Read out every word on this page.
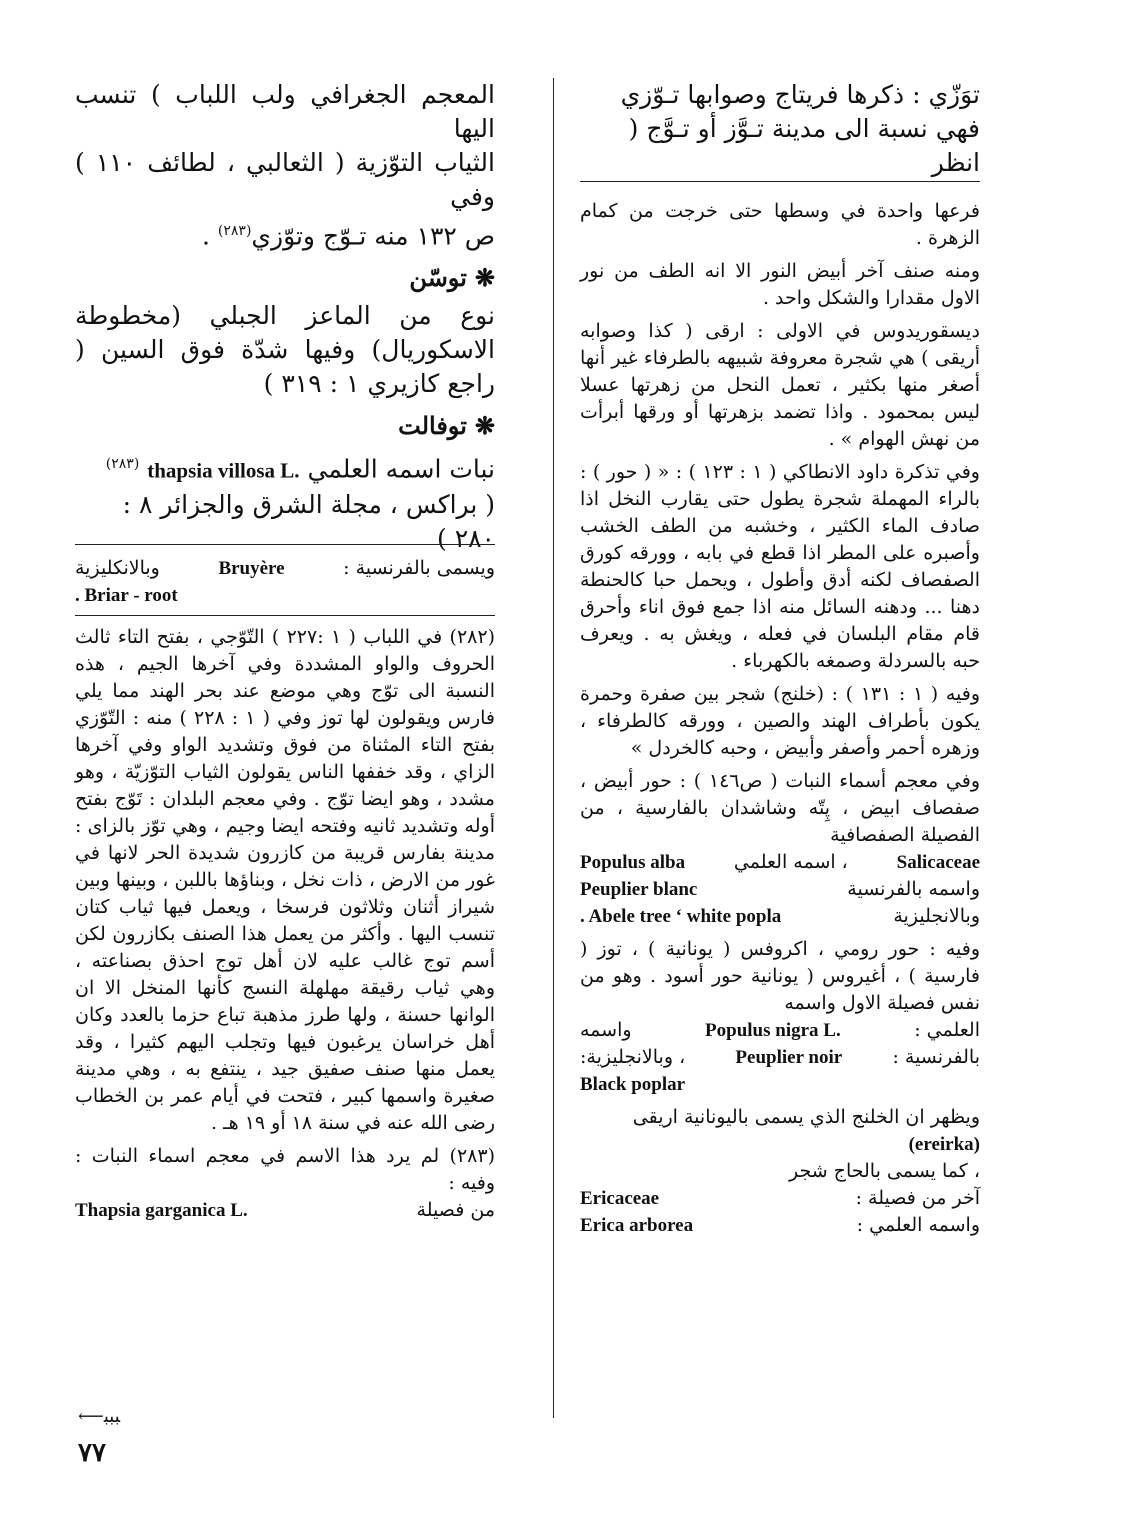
توَزّي : ذكرها فريتاج وصوابها تـوّزي

فهي نسبة الى مدينة تـوَّز أو تـوَّج ( انظر

فرعها واحدة في وسطها حتى خرجت من كمام الزهرة .

ومنه صنف آخر أبيض النور الا انه الطف من نور الاول مقدارا والشكل واحد .

ديسقوريدوس في الاولى : ارقى ( كذا وصوابه أريقى ) هي شجرة معروفة شبيهه بالطرفاء غير أنها أصغر منها بكثير ، تعمل النحل من زهرتها عسلا ليس بمحمود . واذا تضمد بزهرتها أو ورقها أبرأت من نهش الهوام » .

وفي تذكرة داود الانطاكي ( ١ : ١٢٣ ) : « ( حور ) : بالراء المهملة شجرة يطول حتى يقارب النخل اذا صادف الماء الكثير ، وخشبه من الطف الخشب وأصبره على المطر اذا قطع في بابه ، وورقه كورق الصفصاف لكنه أدق وأطول ، ويحمل حبا كالحنطة دهنا ... ودهنه السائل منه اذا جمع فوق اناء وأحرق قام مقام البلسان في فعله ، ويغش به . ويعرف حبه بالسردلة وصمغه بالكهرباء .

وفيه ( ١ : ١٣١ ) : (خلنج) شجر بين صفرة وحمرة يكون بأطراف الهند والصين ، وورقه كالطرفاء ، وزهره أحمر وأصفر وأبيض ، وحبه كالخردل »

وفي معجم أسماء النبات ( ص١٤٦ ) : حور أبيض ، صفصاف ابيض ، پِتّه وشاشدان بالفارسية ، من الفصيلة الصفصافية

Salicaceae
، اسمه العلمي
Populus alba
واسمه بالفرنسية
Peuplier blanc
وبالانجليزية
. Abele tree ‘ white popla

وفيه : حور رومي ، اكروفس ( يونانية ) ، توز ( فارسية ) ، أغيروس ( يونانية حور أسود . وهو من نفس فصيلة الاول واسمه

العلمي :
Populus nigra L.
واسمه
بالفرنسية :
Peuplier noir
، وبالانجليزية:
Black poplar

ويظهر ان الخلنج الذي يسمى باليونانية اريقى

(ereirka)
، كما يسمى بالحاج شجر
آخر من فصيلة :
Ericaceae
واسمه العلمي :
Erica arborea

المعجم الجغرافي ولب اللباب ) تنسب اليها

الثياب التوّزية ( الثعالبي ، لطائف ١١٠ ) وفي

ص ١٣٢ منه تـوّج وتوّزي$^{(٢٨٣)}$ .

❋توسّن

نوع من الماعز الجبلي (مخطوطة الاسكوريال) وفيها شدّة فوق السين ( راجع كازيري ١ : ٣١٩ )

❋توفالت

نبات اسمه العلمي thapsia villosa L. $^{(٢٨٣)}$

( براكس ، مجلة الشرق والجزائر ٨ : ٢٨٠ )

ويسمى بالفرنسية :
Bruyère
وبالانكليزية
. Briar - root

(٢٨٢) في اللباب ( ١ :٢٢٧ ) التّوّجي ، بفتح التاء ثالث الحروف والواو المشددة وفي آخرها الجيم ، هذه النسبة الى توّج وهي موضع عند بحر الهند مما يلي فارس ويقولون لها توز وفي ( ١ : ٢٢٨ ) منه : التّوّزي بفتح التاء المثناة من فوق وتشديد الواو وفي آخرها الزاي ، وقد خففها الناس يقولون الثياب التوّزيّة ، وهو مشدد ، وهو ايضا توّج . وفي معجم البلدان : تَوّج بفتح أوله وتشديد ثانيه وفتحه ايضا وجيم ، وهي توّز بالزاى : مدينة بفارس قريبة من كازرون شديدة الحر لانها في غور من الارض ، ذات نخل ، وبناؤها باللبن ، وبينها وبين شيراز أثنان وثلاثون فرسخا ، ويعمل فيها ثياب كتان تنسب اليها . وأكثر من يعمل هذا الصنف بكازرون لكن أسم توج غالب عليه لان أهل توج احذق بصناعته ، وهي ثياب رقيقة مهلهلة النسج كأنها المنخل الا ان الوانها حسنة ، ولها طرز مذهبة تباع حزما بالعدد وكان أهل خراسان يرغبون فيها وتجلب اليهم كثيرا ، وقد يعمل منها صنف صفيق جيد ، ينتفع به ، وهي مدينة صغيرة واسمها كبير ، فتحت في أيام عمر بن الخطاب رضى الله عنه في سنة ١٨ أو ١٩ هـ .

(٢٨٣) لم يرد هذا الاسم في معجم اسماء النبات : وفيه :

من فصيلة
Thapsia garganica L.
⟵ﺒﺒﺒ
٧٧
